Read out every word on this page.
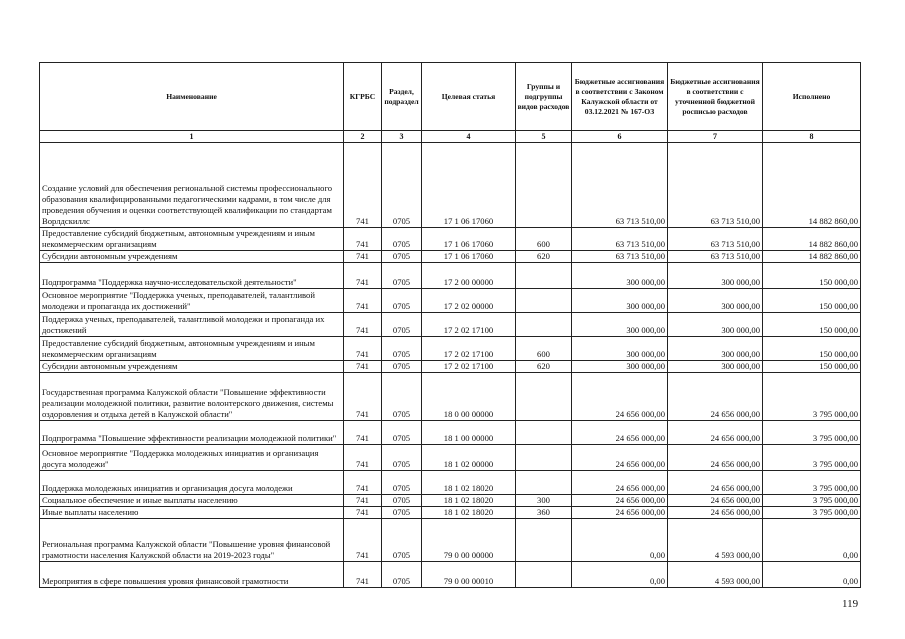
Наименование	КГРБС	Раздел, подраздел	Целевая статья	Группы и подгруппы видов расходов	Бюджетные ассигнования в соответствии с Законом Калужской области от 03.12.2021 № 167-ОЗ	Бюджетные ассигнования в соответствии с уточненной бюджетной росписью расходов	Исполнено
1	2	3	4	5	6	7	8
Создание условий для обеспечения региональной системы профессионального образования квалифицированными педагогическими кадрами, в том числе для проведения обучения и оценки соответствующей квалификации по стандартам Ворлдскиллс	741	0705	17 1 06 17060		63 713 510,00	63 713 510,00	14 882 860,00
Предоставление субсидий бюджетным, автономным учреждениям и иным некоммерческим организациям	741	0705	17 1 06 17060	600	63 713 510,00	63 713 510,00	14 882 860,00
Субсидии автономным учреждениям	741	0705	17 1 06 17060	620	63 713 510,00	63 713 510,00	14 882 860,00
Подпрограмма "Поддержка научно-исследовательской деятельности"	741	0705	17 2 00 00000		300 000,00	300 000,00	150 000,00
Основное мероприятие "Поддержка ученых, преподавателей, талантливой молодежи и пропаганда их достижений"	741	0705	17 2 02 00000		300 000,00	300 000,00	150 000,00
Поддержка ученых, преподавателей, талантливой молодежи и пропаганда их достижений	741	0705	17 2 02 17100		300 000,00	300 000,00	150 000,00
Предоставление субсидий бюджетным, автономным учреждениям и иным некоммерческим организациям	741	0705	17 2 02 17100	600	300 000,00	300 000,00	150 000,00
Субсидии автономным учреждениям	741	0705	17 2 02 17100	620	300 000,00	300 000,00	150 000,00
Государственная программа Калужской области "Повышение эффективности реализации молодежной политики, развитие волонтерского движения, системы оздоровления и отдыха детей в Калужской области"	741	0705	18 0 00 00000		24 656 000,00	24 656 000,00	3 795 000,00
Подпрограмма "Повышение эффективности реализации молодежной политики"	741	0705	18 1 00 00000		24 656 000,00	24 656 000,00	3 795 000,00
Основное мероприятие "Поддержка молодежных инициатив и организация досуга молодежи"	741	0705	18 1 02 00000		24 656 000,00	24 656 000,00	3 795 000,00
Поддержка молодежных инициатив и организация досуга молодежи	741	0705	18 1 02 18020		24 656 000,00	24 656 000,00	3 795 000,00
Социальное обеспечение и иные выплаты населению	741	0705	18 1 02 18020	300	24 656 000,00	24 656 000,00	3 795 000,00
Иные выплаты населению	741	0705	18 1 02 18020	360	24 656 000,00	24 656 000,00	3 795 000,00
Региональная программа Калужской области "Повышение уровня финансовой грамотности населения Калужской области на 2019-2023 годы"	741	0705	79 0 00 00000		0,00	4 593 000,00	0,00
Мероприятия в сфере повышения уровня финансовой грамотности	741	0705	79 0 00 00010		0,00	4 593 000,00	0,00
119
